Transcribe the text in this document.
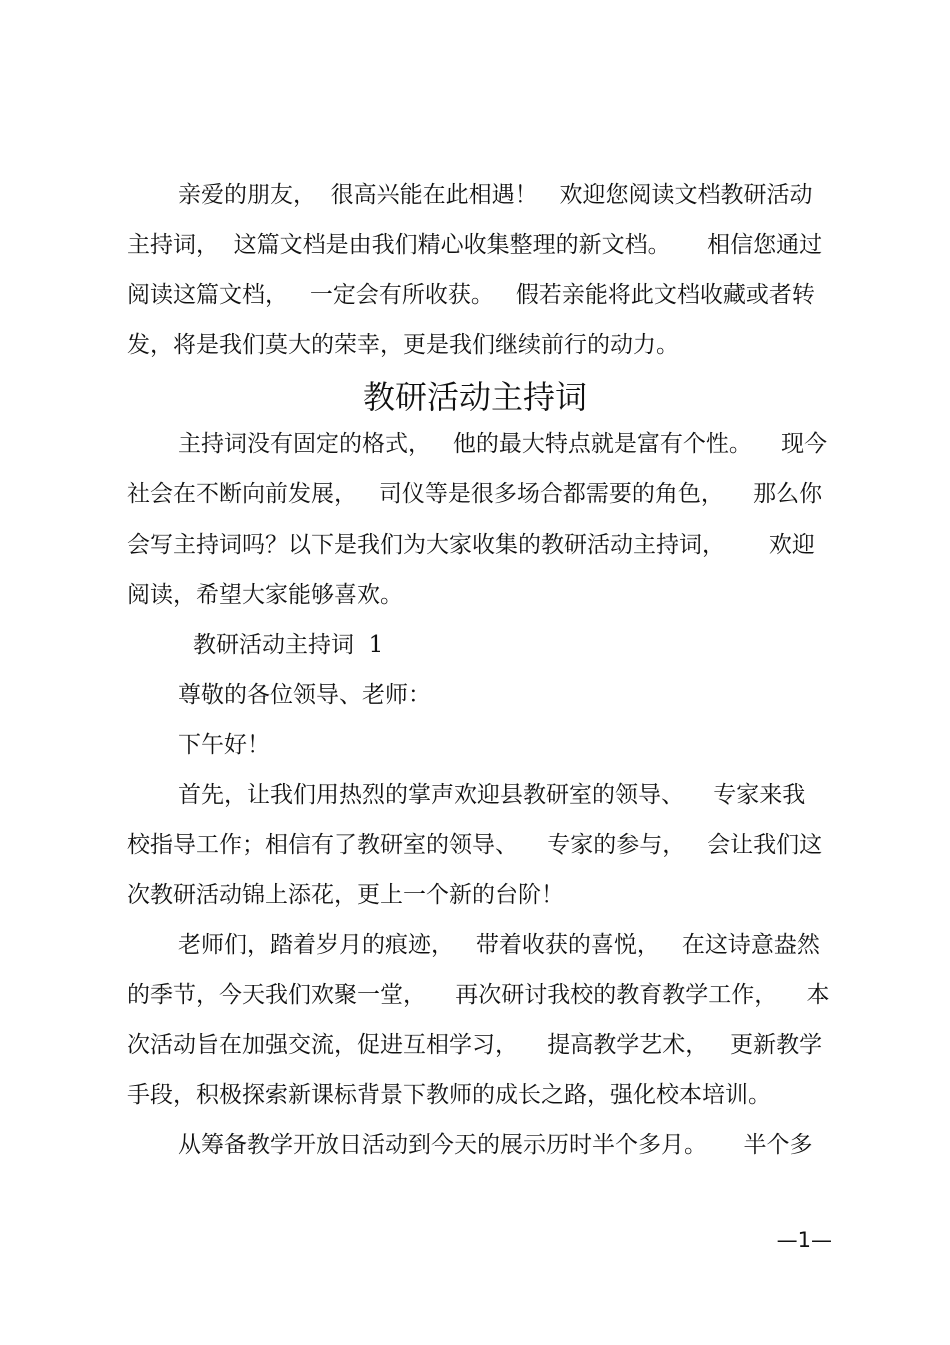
亲爱的朋友，  很高兴能在此相遇！   欢迎您阅读文档教研活动
主持词，  这篇文档是由我们精心收集整理的新文档。     相信您通过
阅读这篇文档，   一定会有所收获。   假若亲能将此文档收藏或者转
发，将是我们莫大的荣幸，更是我们继续前行的动力。
教研活动主持词
主持词没有固定的格式，   他的最大特点就是富有个性。    现今
社会在不断向前发展，   司仪等是很多场合都需要的角色，    那么你
会写主持词吗？以下是我们为大家收集的教研活动主持词，      欢迎
阅读，希望大家能够喜欢。
教研活动主持词  1
尊敬的各位领导、老师：
下午好！
首先，让我们用热烈的掌声欢迎县教研室的领导、    专家来我
校指导工作；相信有了教研室的领导、    专家的参与，   会让我们这
次教研活动锦上添花，更上一个新的台阶！
老师们，踏着岁月的痕迹，   带着收获的喜悦，   在这诗意盎然
的季节，今天我们欢聚一堂，    再次研讨我校的教育教学工作，    本
次活动旨在加强交流，促进互相学习，    提高教学艺术，   更新教学
手段，积极探索新课标背景下教师的成长之路，强化校本培训。
从筹备教学开放日活动到今天的展示历时半个多月。     半个多
—1—
